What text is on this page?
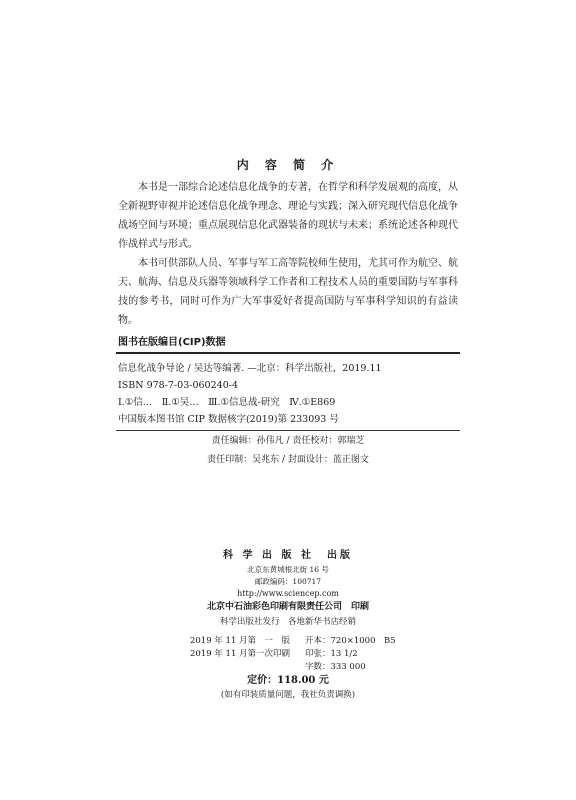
内 容 简 介

本书是一部综合论述信息化战争的专著，在哲学和科学发展观的高度，从全新视野审视并论述信息化战争理念、理论与实践；深入研究现代信息化战争战场空间与环境；重点展现信息化武器装备的现状与未来；系统论述各种现代作战样式与形式。

本书可供部队人员、军事与军工高等院校师生使用，尤其可作为航空、航天、航海、信息及兵器等领域科学工作者和工程技术人员的重要国防与军事科技的参考书，同时可作为广大军事爱好者提高国防与军事科学知识的有益读物。

图书在版编目(CIP)数据
信息化战争导论 / 吴达等编著. —北京：科学出版社，2019.11
ISBN 978-7-03-060240-4
Ⅰ.①信…　Ⅱ.①吴…　Ⅲ.①信息战-研究　Ⅳ.①E869
中国版本图书馆 CIP 数据核字(2019)第 233093 号
责任编辑：孙伟凡 / 责任校对：郭瑞芝
责任印制：吴兆东 / 封面设计：蓝正图文
科 学 出 版 社　 出版
北京东黄城根北街 16 号
邮政编码：100717
http://www.sciencep.com
北京中石油彩色印刷有限责任公司　 印刷
科学出版社发行　各地新华书店经销
2019 年 11 月第　一　版 开本：720×1000　B5
2019 年 11 月第一次印刷 印张：13 1/2
字数：333 000
定价：118.00 元
(如有印装质量问题，我社负责调换)
